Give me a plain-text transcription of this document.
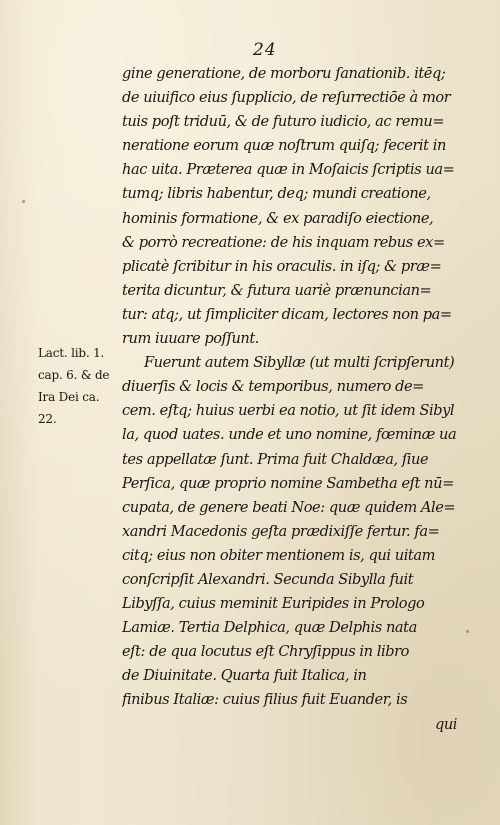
24
gine generatione, de morboru ſanationib. itēq;
de uiuifico eius ſupplicio, de reſurrectiōe à mor
tuis poſt triduū, & de futuro iudicio, ac remu=
neratione eorum quæ noſtrum quiſq; fecerit in
hac uita. Præterea quæ in Moſaicis ſcriptis ua=
tumq; libris habentur, deq; mundi creatione,
hominis formatione, & ex paradiſo eiectione,
& porrò recreatione: de his inquam rebus ex=
plicatè ſcribitur in his oraculis. in iſq; & præ=
terita dicuntur, & futura uariè prænuncian=
tur: atq;, ut ſimpliciter dicam, lectores non pa=
rum iuuare poſſunt.
Fuerunt autem Sibyllæ (ut multi ſcripſerunt)
diuerſis & locis & temporibus, numero de=
cem. eſtq; huius uerbi ea notio, ut ſit idem Sibyl
la, quod uates. unde et uno nomine, fœminæ ua
tes appellatæ ſunt. Prima fuit Chaldæa, ſiue
Perſica, quæ proprio nomine Sambetha eſt nū=
cupata, de genere beati Noe: quæ quidem Ale=
xandri Macedonis geſta prædixiſſe fertur. fa=
citq; eius non obiter mentionem is, qui uitam
conſcripſit Alexandri. Secunda Sibylla fuit
Libyſſa, cuius meminit Euripides in Prologo
Lamiæ. Tertia Delphica, quæ Delphis nata
eſt: de qua locutus eſt Chryſippus in libro
de Diuinitate. Quarta fuit Italica, in
finibus Italiæ: cuius filius fuit Euander, is
qui
Lact. lib. 1.
cap. 6. & de
Ira Dei ca.
22.
